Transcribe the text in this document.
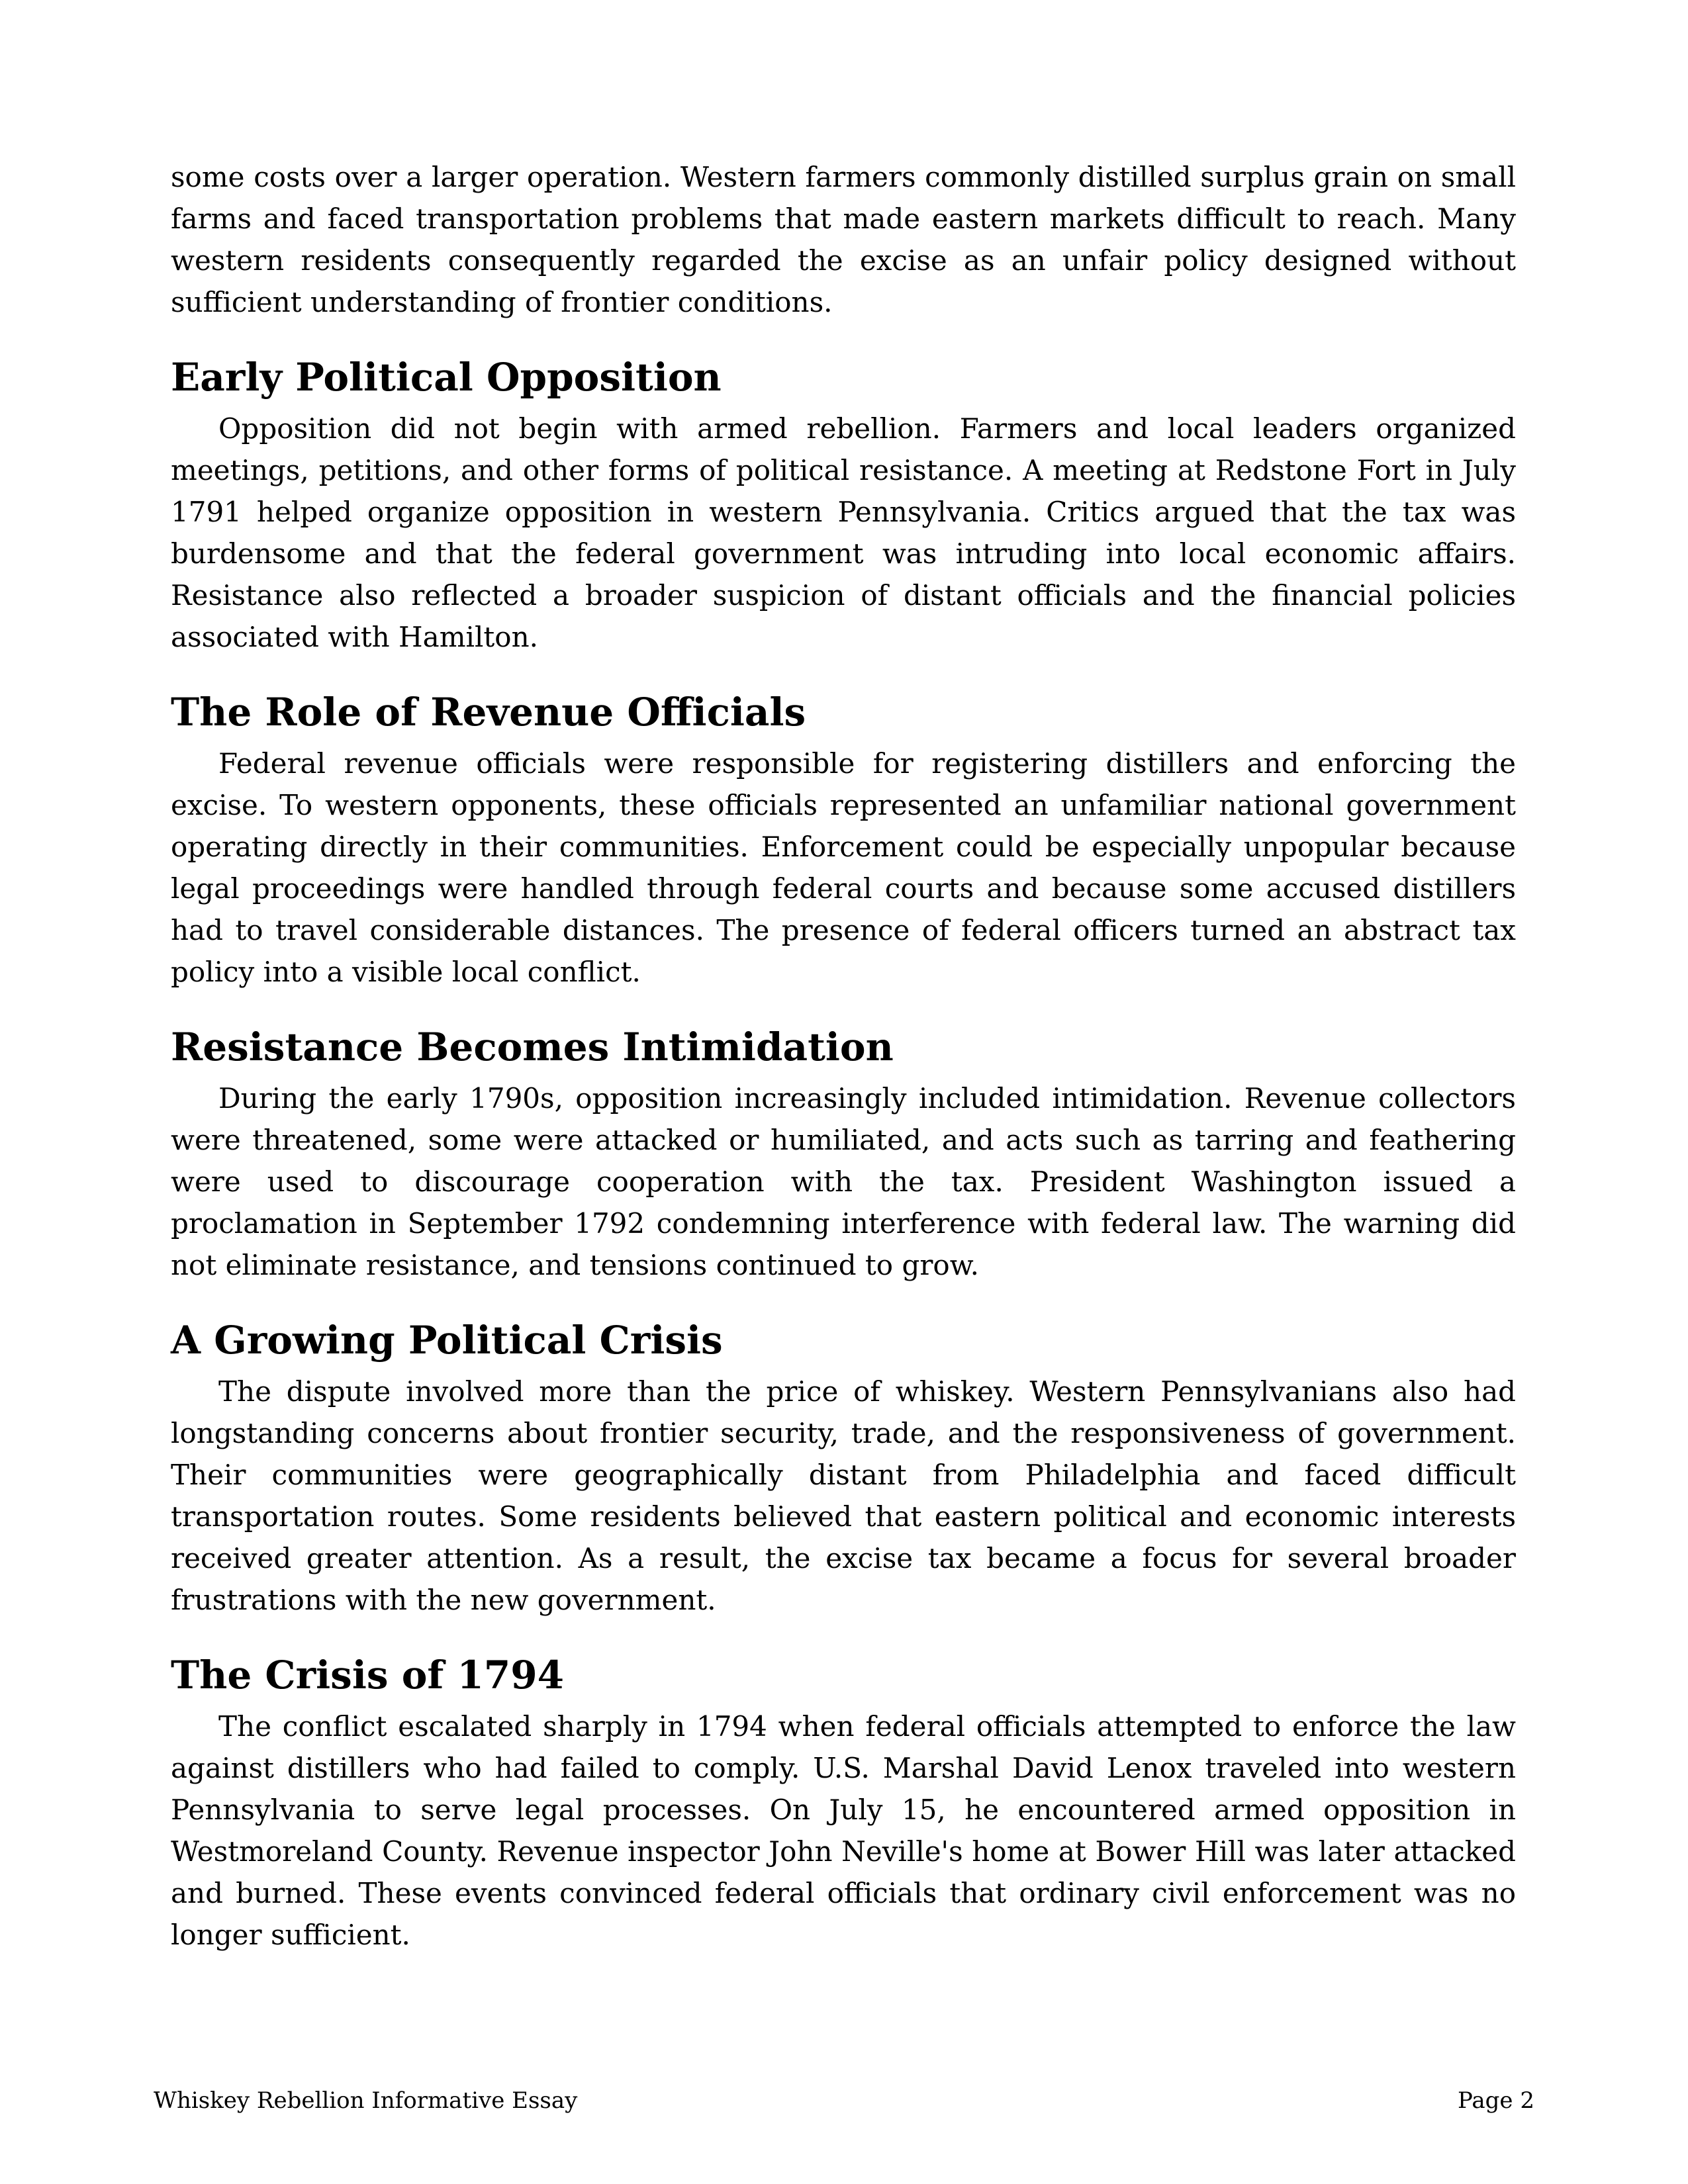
some costs over a larger operation. Western farmers commonly distilled surplus grain on small farms and faced transportation problems that made eastern markets difficult to reach. Many western residents consequently regarded the excise as an unfair policy designed without sufficient understanding of frontier conditions.

Early Political Opposition

Opposition did not begin with armed rebellion. Farmers and local leaders organized meetings, petitions, and other forms of political resistance. A meeting at Redstone Fort in July 1791 helped organize opposition in western Pennsylvania. Critics argued that the tax was burdensome and that the federal government was intruding into local economic affairs. Resistance also reflected a broader suspicion of distant officials and the financial policies associated with Hamilton.

The Role of Revenue Officials

Federal revenue officials were responsible for registering distillers and enforcing the excise. To western opponents, these officials represented an unfamiliar national government operating directly in their communities. Enforcement could be especially unpopular because legal proceedings were handled through federal courts and because some accused distillers had to travel considerable distances. The presence of federal officers turned an abstract tax policy into a visible local conflict.

Resistance Becomes Intimidation

During the early 1790s, opposition increasingly included intimidation. Revenue collectors were threatened, some were attacked or humiliated, and acts such as tarring and feathering were used to discourage cooperation with the tax. President Washington issued a proclamation in September 1792 condemning interference with federal law. The warning did not eliminate resistance, and tensions continued to grow.

A Growing Political Crisis

The dispute involved more than the price of whiskey. Western Pennsylvanians also had longstanding concerns about frontier security, trade, and the responsiveness of government. Their communities were geographically distant from Philadelphia and faced difficult transportation routes. Some residents believed that eastern political and economic interests received greater attention. As a result, the excise tax became a focus for several broader frustrations with the new government.

The Crisis of 1794

The conflict escalated sharply in 1794 when federal officials attempted to enforce the law against distillers who had failed to comply. U.S. Marshal David Lenox traveled into western Pennsylvania to serve legal processes. On July 15, he encountered armed opposition in Westmoreland County. Revenue inspector John Neville's home at Bower Hill was later attacked and burned. These events convinced federal officials that ordinary civil enforcement was no longer sufficient.

Whiskey Rebellion Informative Essay	Page 2
